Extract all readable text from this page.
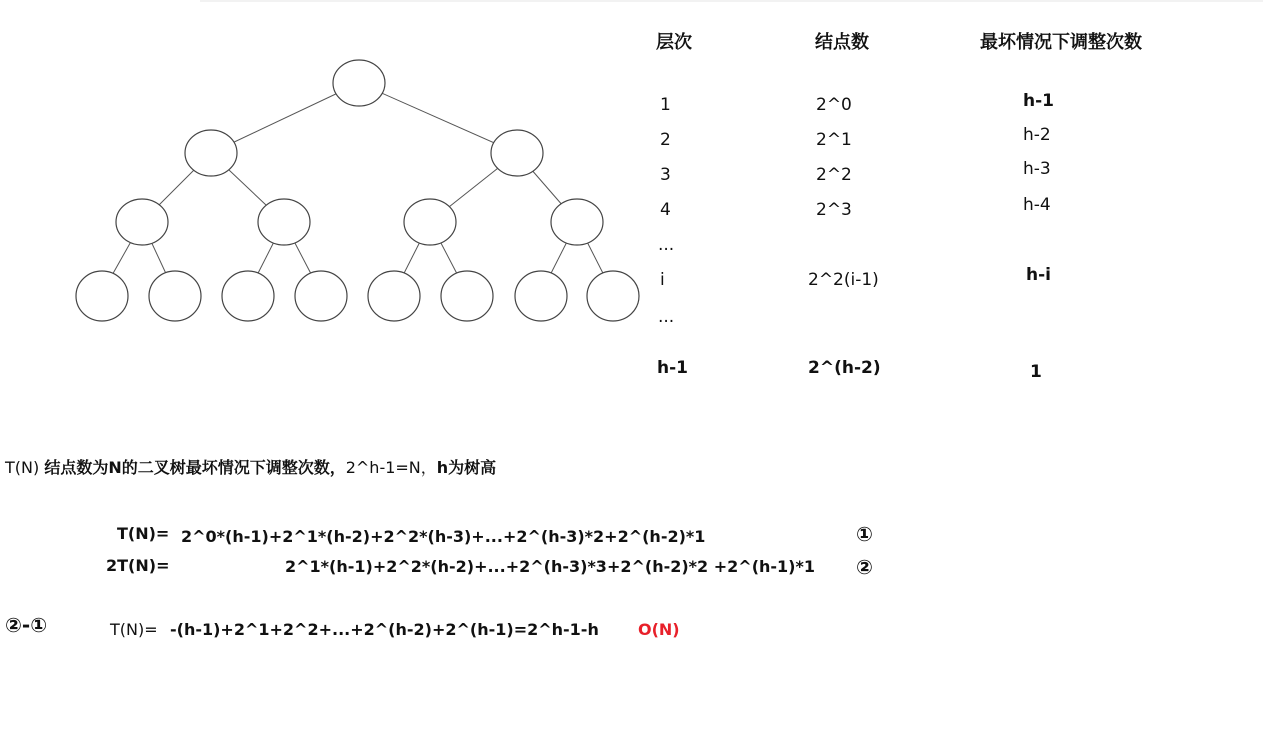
层次	结点数	最坏情况下调整次数
1	2^0	h-1
2	2^1	h-2
3	2^2	h-3
4	2^3	h-4
...
i	2^2(i-1)	h-i
...
h-1	2^(h-2)	1
T(N) 结点数为N的二叉树最坏情况下调整次数，2^h-1=N，h为树高
T(N)= 2^0*(h-1)+2^1*(h-2)+2^2*(h-3)+...+2^(h-3)*2+2^(h-2)*1	①
2T(N)=	2^1*(h-1)+2^2*(h-2)+...+2^(h-3)*3+2^(h-2)*2 +2^(h-1)*1 ②
②-①	T(N)= -(h-1)+2^1+2^2+...+2^(h-2)+2^(h-1)=2^h-1-h O(N)
